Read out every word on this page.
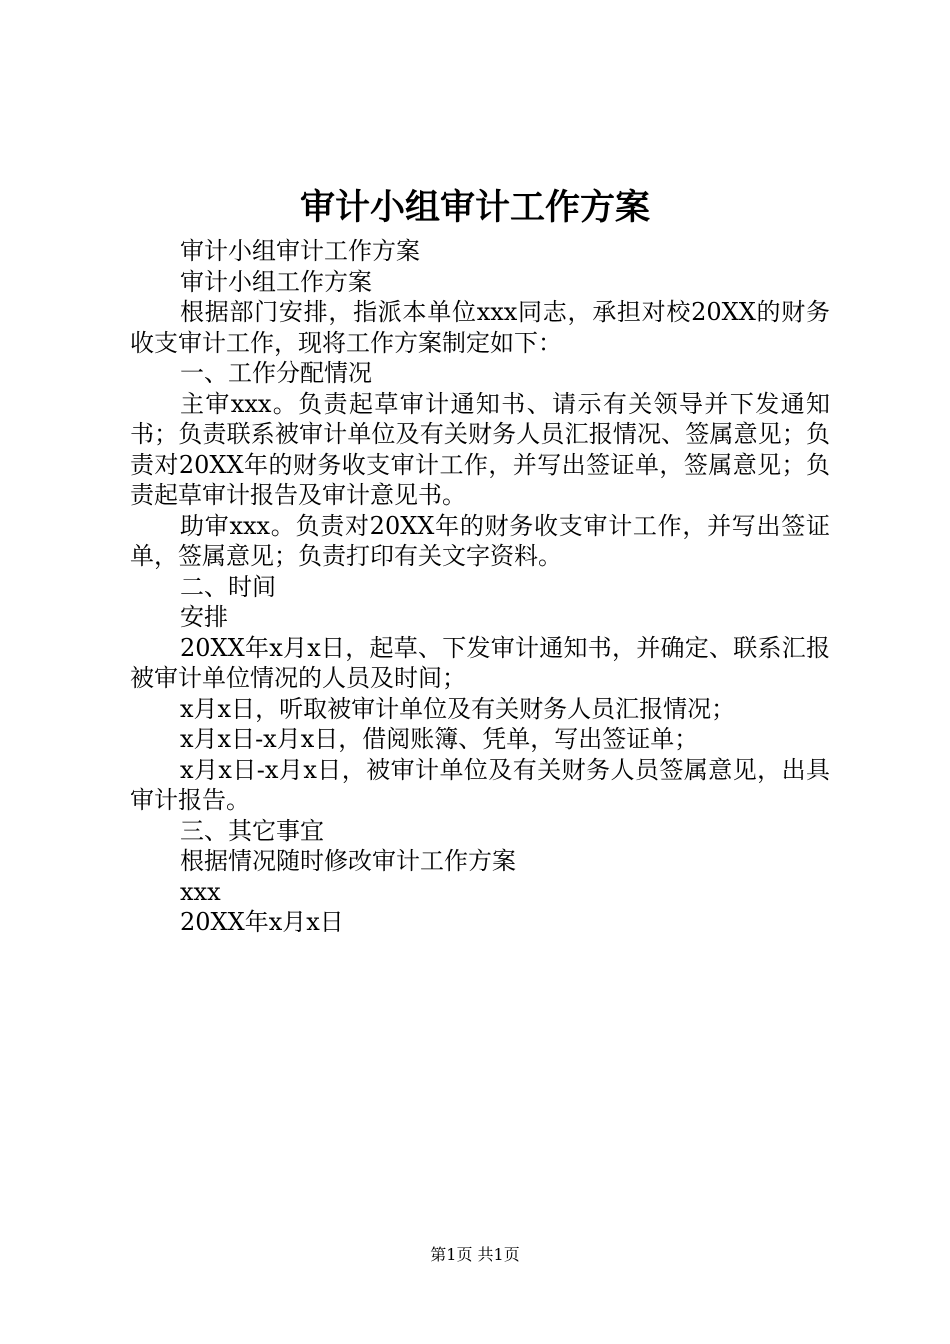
审计小组审计工作方案

审计小组审计工作方案

审计小组工作方案

根据部门安排，指派本单位xxx同志，承担对校20XX的财务收支审计工作，现将工作方案制定如下：

一、工作分配情况

主审xxx。负责起草审计通知书、请示有关领导并下发通知书；负责联系被审计单位及有关财务人员汇报情况、签属意见；负责对20XX年的财务收支审计工作，并写出签证单，签属意见；负责起草审计报告及审计意见书。

助审xxx。负责对20XX年的财务收支审计工作，并写出签证单，签属意见；负责打印有关文字资料。

二、时间

安排

20XX年x月x日，起草、下发审计通知书，并确定、联系汇报被审计单位情况的人员及时间；

x月x日，听取被审计单位及有关财务人员汇报情况；

x月x日-x月x日，借阅账簿、凭单，写出签证单；

x月x日-x月x日，被审计单位及有关财务人员签属意见，出具审计报告。

三、其它事宜

根据情况随时修改审计工作方案

xxx

20XX年x月x日

第1页 共1页
